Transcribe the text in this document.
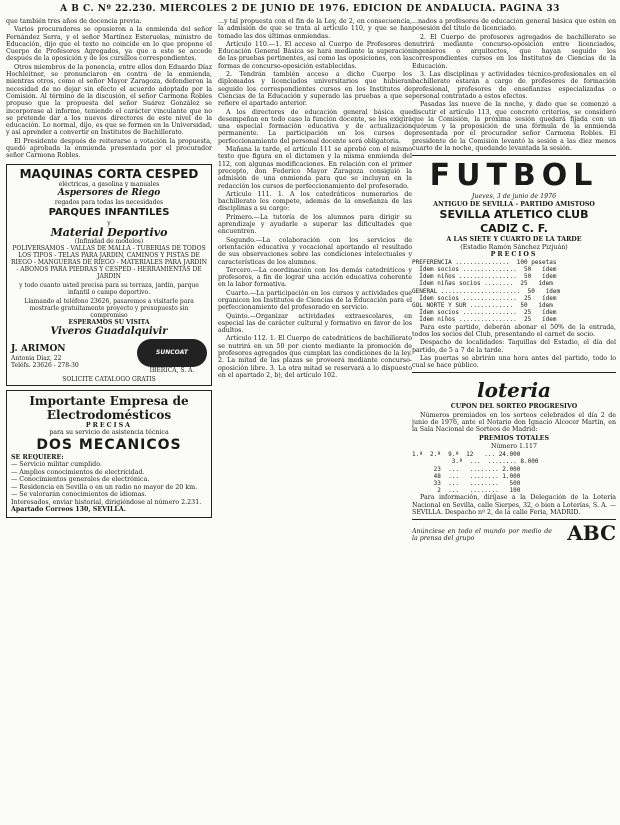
A B C. Nº 22.230. MIERCOLES 2 DE JUNIO DE 1976. EDICION DE ANDALUCIA. PAGINA 33

que también tres años de docencia previa.

Varios procuradores se opusieron a la enmienda del señor Fernández Serra, y el señor Martínez Esteruelas, ministro de Educación, dijo que el texto no coincide en lo que propone el Cuerpo de Profesores Agregados, ya que a este se accede después de la oposición y de los cursillos correspondientes.

Otros miembros de la ponencia, entre ellos don Eduardo Díaz Hochleitner, se pronunciaron en contra de la enmienda, mientras otros, como el señor Mayor Zaragoza, defendieron la necesidad de no dejar sin efecto el acuerdo adoptado por la Comisión. Al término de la discusión, el señor Carmona Robles propuso que la propuesta del señor Suárez González se incorporase al informe, teniendo el carácter vinculante que no se pretende dar a los nuevos directores de este nivel de la educación. Lo normal, dijo, es que se formen en la Universidad, y así aprender a convertir en Institutos de Bachillerato.

El Presidente después de reiterarse a votación la propuesta, quedó aprobada la enmienda presentada por el procurador señor Carmona Robles.

MAQUINAS CORTA CESPED
eléctricas, a gasolina y manuales
Aspersores de Riego
regados para todas las necesidades
PARQUES INFANTILES
y
Material Deportivo
(Infinidad de modelos)
POLIVERSAMOS - VALLAS DE MALLA - TUBERIAS DE TODOS LOS TIPOS - TELAS PARA JARDIN, CAMINOS Y PISTAS DE RIEGO - MANGUERAS DE RIEGO - MATERIALES PARA JARDIN - ABONOS PARA PIEDRAS Y CESPED - HERRAMIENTAS DE JARDIN
y todo cuanto usted precisa para su terraza, jardín, parque infantil o campo deportivo.
Llamando al teléfono 23626, pasaremos a visitarle para mostrarle gratuitamente proyecto y presupuesto sin compromiso
ESPERAMOS SU VISITA
Viveros Guadalquivir
J. ARIMON
Antonia Díaz, 22
Teléfs. 23626 - 278-30
SUNCOAT
IBERICA, S. A.
SOLICITE CATALOGO GRATIS
Importante Empresa de Electrodomésticos
PRECISA
para su servicio de asistencia técnica
DOS MECANICOS
SE REQUIERE:
— Servicio militar cumplido.
— Amplios conocimientos de electricidad.
— Conocimientos generales de electrónica.
— Residencia en Sevilla o en un radio no mayor de 20 km.
— Se valorarán conocimientos de idiomas.
Interesados, enviar historial, dirigiéndose al número 2.231.
Apartado Correos 130, SEVILLA.

...y tal propuesta con el fin de la Ley, de 2, en consecuencia, la admisión de que se trata al artículo 110, y que se han tomado las dos últimas enmiendas.

Artículo 110.—1. El acceso al Cuerpo de Profesores de Educación General Básica se hará mediante la superación de las pruebas pertinentes, así como las oposiciones, con las formas de concurso-oposición establecidas.

2. Tendrán también acceso a dicho Cuerpo los diplomados y licenciados universitarios que hubieran seguido los correspondientes cursos en los Institutos de Ciencias de la Educación y superado las pruebas a que se refiere el apartado anterior.

A los directores de educación general básica que desempeñan en todo caso la función docente, se les exigirá una especial formación educativa y de actualización permanente. La participación en los cursos de perfeccionamiento del personal docente será obligatoria.

Mañana la tarde, el artículo 111 se aprobó con el mismo texto que figura en el dictamen y la misma enmienda del 112, con algunas modificaciones. En relación con el primer precepto, don Federico Mayor Zaragoza consiguió la admisión de una enmienda para que se incluyan en la redacción los cursos de perfeccionamiento del profesorado.

Artículo 111. 1. A los catedráticos numerarios de bachillerato les compete, además de la enseñanza de las disciplinas a su cargo:

Primero.—La tutoría de los alumnos para dirigir su aprendizaje y ayudarle a superar las dificultades que encuentren.

Segundo.—La colaboración con los servicios de orientación educativa y vocacional aportando el resultado de sus observaciones sobre las condiciones intelectuales y características de los alumnos.

Tercero.—La coordinación con los demás catedráticos y profesores, a fin de lograr una acción educativa coherente en la labor formativa.

Cuarto.—La participación en los cursos y actividades que organicen los Institutos de Ciencias de la Educación para el perfeccionamiento del profesorado en servicio.

Quinto.—Organizar actividades extraescolares, en especial las de carácter cultural y formativo en favor de los adultos.

Artículo 112. 1. El Cuerpo de catedráticos de bachillerato se nutrirá en un 50 por ciento mediante la promoción de profesores agregados que cumplan las condiciones de la ley. 2. La mitad de las plazas se proveerá mediante concurso-oposición libre. 3. La otra mitad se reservará a lo dispuesto en el apartado 2, b), del artículo 102.

...nados a profesores de educación general básica que estén en posesión del título de licenciado.

2. El Cuerpo de profesores agregados de bachillerato se nutrirá mediante concurso-oposición entre licenciados, ingenieros o arquitectos, que hayan seguido los correspondientes cursos en los Institutos de Ciencias de la Educación.

3. Las disciplinas y actividades técnico-profesionales en el bachillerato estarán a cargo de profesores de formación profesional, profesores de enseñanzas especializadas o personal contratado a estos efectos.

Pasadas las nueve de la noche, y dado que se comenzó a discutir el artículo 113, que concretó criterios, se consideró que la Comisión, la próxima sesión quedará fijada con un quórum y la proposición de una fórmula de la enmienda presentada por el procurador señor Carmona Robles. El presidente de la Comisión levantó la sesión a las diez menos cuarto de la noche, quedando levantada la sesión.

FUTBOL
Jueves, 3 de junio de 1976
ANTIGUO DE SEVILLA - PARTIDO AMISTOSO
SEVILLA ATLETICO CLUB
CADIZ C. F.
A LAS SIETE Y CUARTO DE LA TARDE
(Estadio Ramón Sánchez Pizjuán)
PRECIOS
PREFERENCIA ...............  100 pesetas
Ídem socios ...............  50   ídem
Ídem niños ................  50   ídem
Ídem niñas socios ........  25   ídem
GENERAL ......................  50   ídem
Ídem socios ...............  25   ídem
GOL NORTE Y SUR ............  50   ídem
Ídem socios ...............  25   ídem
Ídem niños ................  25   ídem

Para este partido, deberán abonar el 50% de la entrada, todos los socios del Club, presentando el carnet de socio.

Despacho de localidades: Taquillas del Estadio, el día del partido, de 5 a 7 de la tarde.

Las puertas se abrirán una hora antes del partido, todo lo cual se hace público.

loteria
CUPON DEL SORTEO PROGRESIVO

Números premiados en los sorteos celebrados el día 2 de junio de 1976, ante el Notario don Ignacio Alcocer Martín, en la Sala Nacional de Sorteos de Madrid:

PREMIOS TOTALES
Número 1.117
1.ª  2.ª  9.ª  12   ... 24.000
3.ª  ...  ........ 8.000
23  ...   ........ 2.000
48  ...   ........ 1.000
33  ...   ........   500
2  ...   ........   100

Para información, diríjase a la Delegación de la Lotería Nacional en Sevilla, calle Sierpes, 32, o bien a Loterías, S. A. — SEVILLA. Despacho nº 2, de la calle Feria, MADRID.

Anúnciese en todo el mundo por medio de la prensa del grupo	ABC
